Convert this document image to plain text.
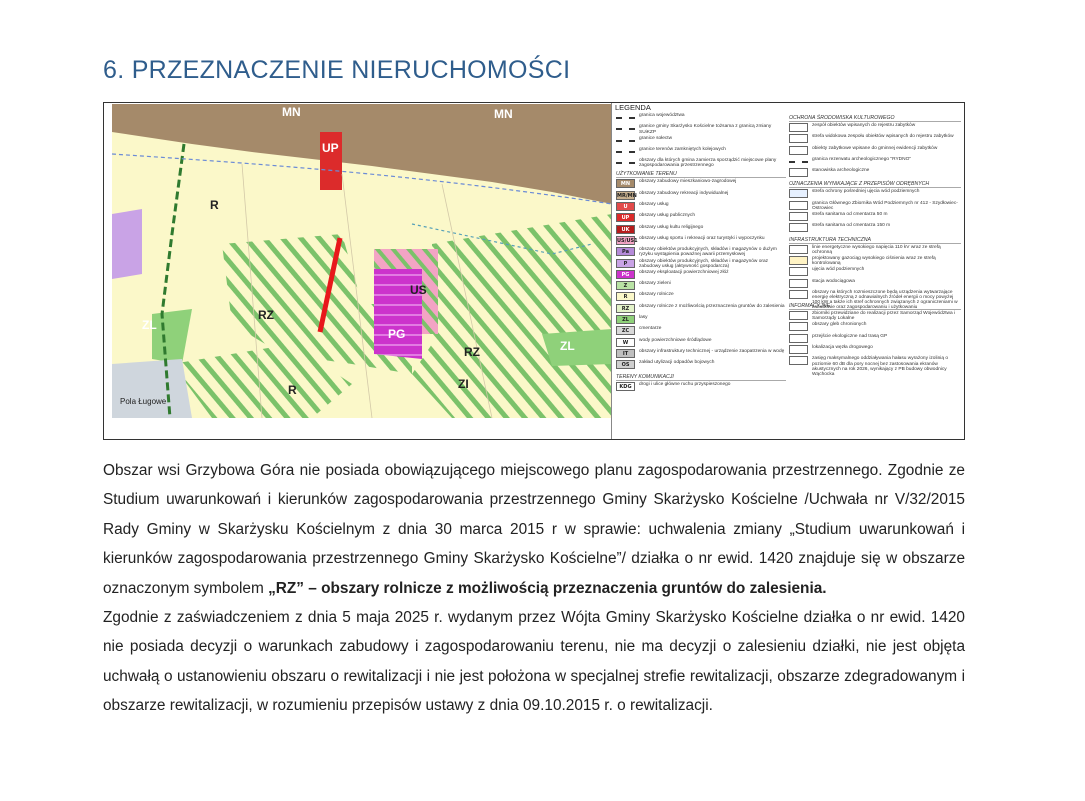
6. PRZEZNACZENIE NIERUCHOMOŚCI
MN	MN
UP
R
US
RZ
PG
ZL
RZ	ZL
R	ZI
Pola Ługowe
LEGENDA
granica województwa
granice gminy Skarżysko Kościelne tożsama z granicą zmiany SUiKZP
granice sołectw
granice terenów zamkniętych kolejowych
obszary dla których gmina zamierza sporządzić miejscowe plany zagospodarowania przestrzennego
UŻYTKOWANIE TERENU
MN	obszary zabudowy mieszkaniowo-zagrodowej
MR/MN obszary zabudowy rekreacji indywidualnej
U	obszary usług
UP	obszary usług publicznych
UK	obszary usług kultu religijnego
US/US1 obszary usług sportu i rekreacji oraz turystyki i wypoczynku
Pa	obszary obiektów produkcyjnych, składów i magazynów o dużym ryzyku wystąpienia poważnej awarii przemysłowej
P	obszary obiektów produkcyjnych, składów i magazynów oraz zabudowy usług (aktywność gospodarcza)
PG	obszary eksploatacji powierzchniowej złóż
Z	obszary zieleni
R	obszary rolnicze
RZ	obszary rolnicze z możliwością przeznaczenia gruntów do zalesienia
ZL	lasy
ZC	cmentarze
W	wody powierzchniowe śródlądowe
IT	obszary infrastruktury technicznej - urządzenie zaopatrzenia w wodę
OS	zakład utylizacji odpadów bojowych
TERENY KOMUNIKACJI
KDG	drogi i ulice główne ruchu przyspieszonego
OCHRONA ŚRODOWISKA KULTUROWEGO
zespół obiektów wpisanych do rejestru zabytków
strefa widokowa zespołu obiektów wpisanych do rejestru zabytków
obiekty zabytkowe wpisane do gminnej ewidencji zabytków
granica rezerwatu archeologicznego "RYDNO"
stanowiska archeologiczne
OZNACZENIA WYNIKAJĄCE Z PRZEPISÓW ODRĘBNYCH
strefa ochrony pośredniej ujęcia wód podziemnych
granica Głównego Zbiornika Wód Podziemnych nr 412 - Szydłowiec-Ostrowiec
strefa sanitarna od cmentarza 50 m
strefa sanitarna od cmentarza 150 m
INFRASTRUKTURA TECHNICZNA
linie energetyczne wysokiego napięcia 110 kV wraz ze strefą ochronną
projektowany gazociąg wysokiego ciśnienia wraz ze strefą kontrolowaną
ujęcia wód podziemnych
stacja wodociągowa
obszary na których rozmieszczone będą urządzenia wytwarzające energię elektryczną z odnawialnych źródeł energii o mocy powyżej 100 kW a także ich stref ochronnych związanych z ograniczeniami w zabudowie oraz zagospodarowaniu i użytkowaniu
INFORMACYJNE
zbiorniki przewidziane do realizacji przez Samorząd Województwa i Samorządy Lokalne
obszary gleb chronionych
przejście ekologiczne nad trasą GP
lokalizacja węzła drogowego
zasięg maksymalnego oddziaływania hałasu wyrażony izolinią o poziomie 60 dB dla pory nocnej bez zastosowania ekranów akustycznych na rok 2026, wynikający z PB budowy obwodnicy Wąchocka

Obszar wsi Grzybowa Góra nie posiada obowiązującego miejscowego planu zagospodarowania przestrzennego. Zgodnie ze Studium uwarunkowań i kierunków zagospodarowania przestrzennego Gminy Skarżysko Kościelne /Uchwała nr V/32/2015 Rady Gminy w Skarżysku Kościelnym z dnia 30 marca 2015 r w sprawie: uchwalenia zmiany „Studium uwarunkowań i kierunków zagospodarowania przestrzennego Gminy Skarżysko Kościelne”/ działka o nr ewid. 1420 znajduje się w obszarze oznaczonym symbolem „RZ” – obszary rolnicze z możliwością przeznaczenia gruntów do zalesienia.

Zgodnie z zaświadczeniem z dnia 5 maja 2025 r. wydanym przez Wójta Gminy Skarżysko Kościelne działka o nr ewid. 1420 nie posiada decyzji o warunkach zabudowy i zagospodarowaniu terenu, nie ma decyzji o zalesieniu działki, nie jest objęta uchwałą o ustanowieniu obszaru o rewitalizacji i nie jest położona w specjalnej strefie rewitalizacji, obszarze zdegradowanym i obszarze rewitalizacji, w rozumieniu przepisów ustawy z dnia 09.10.2015 r. o rewitalizacji.
